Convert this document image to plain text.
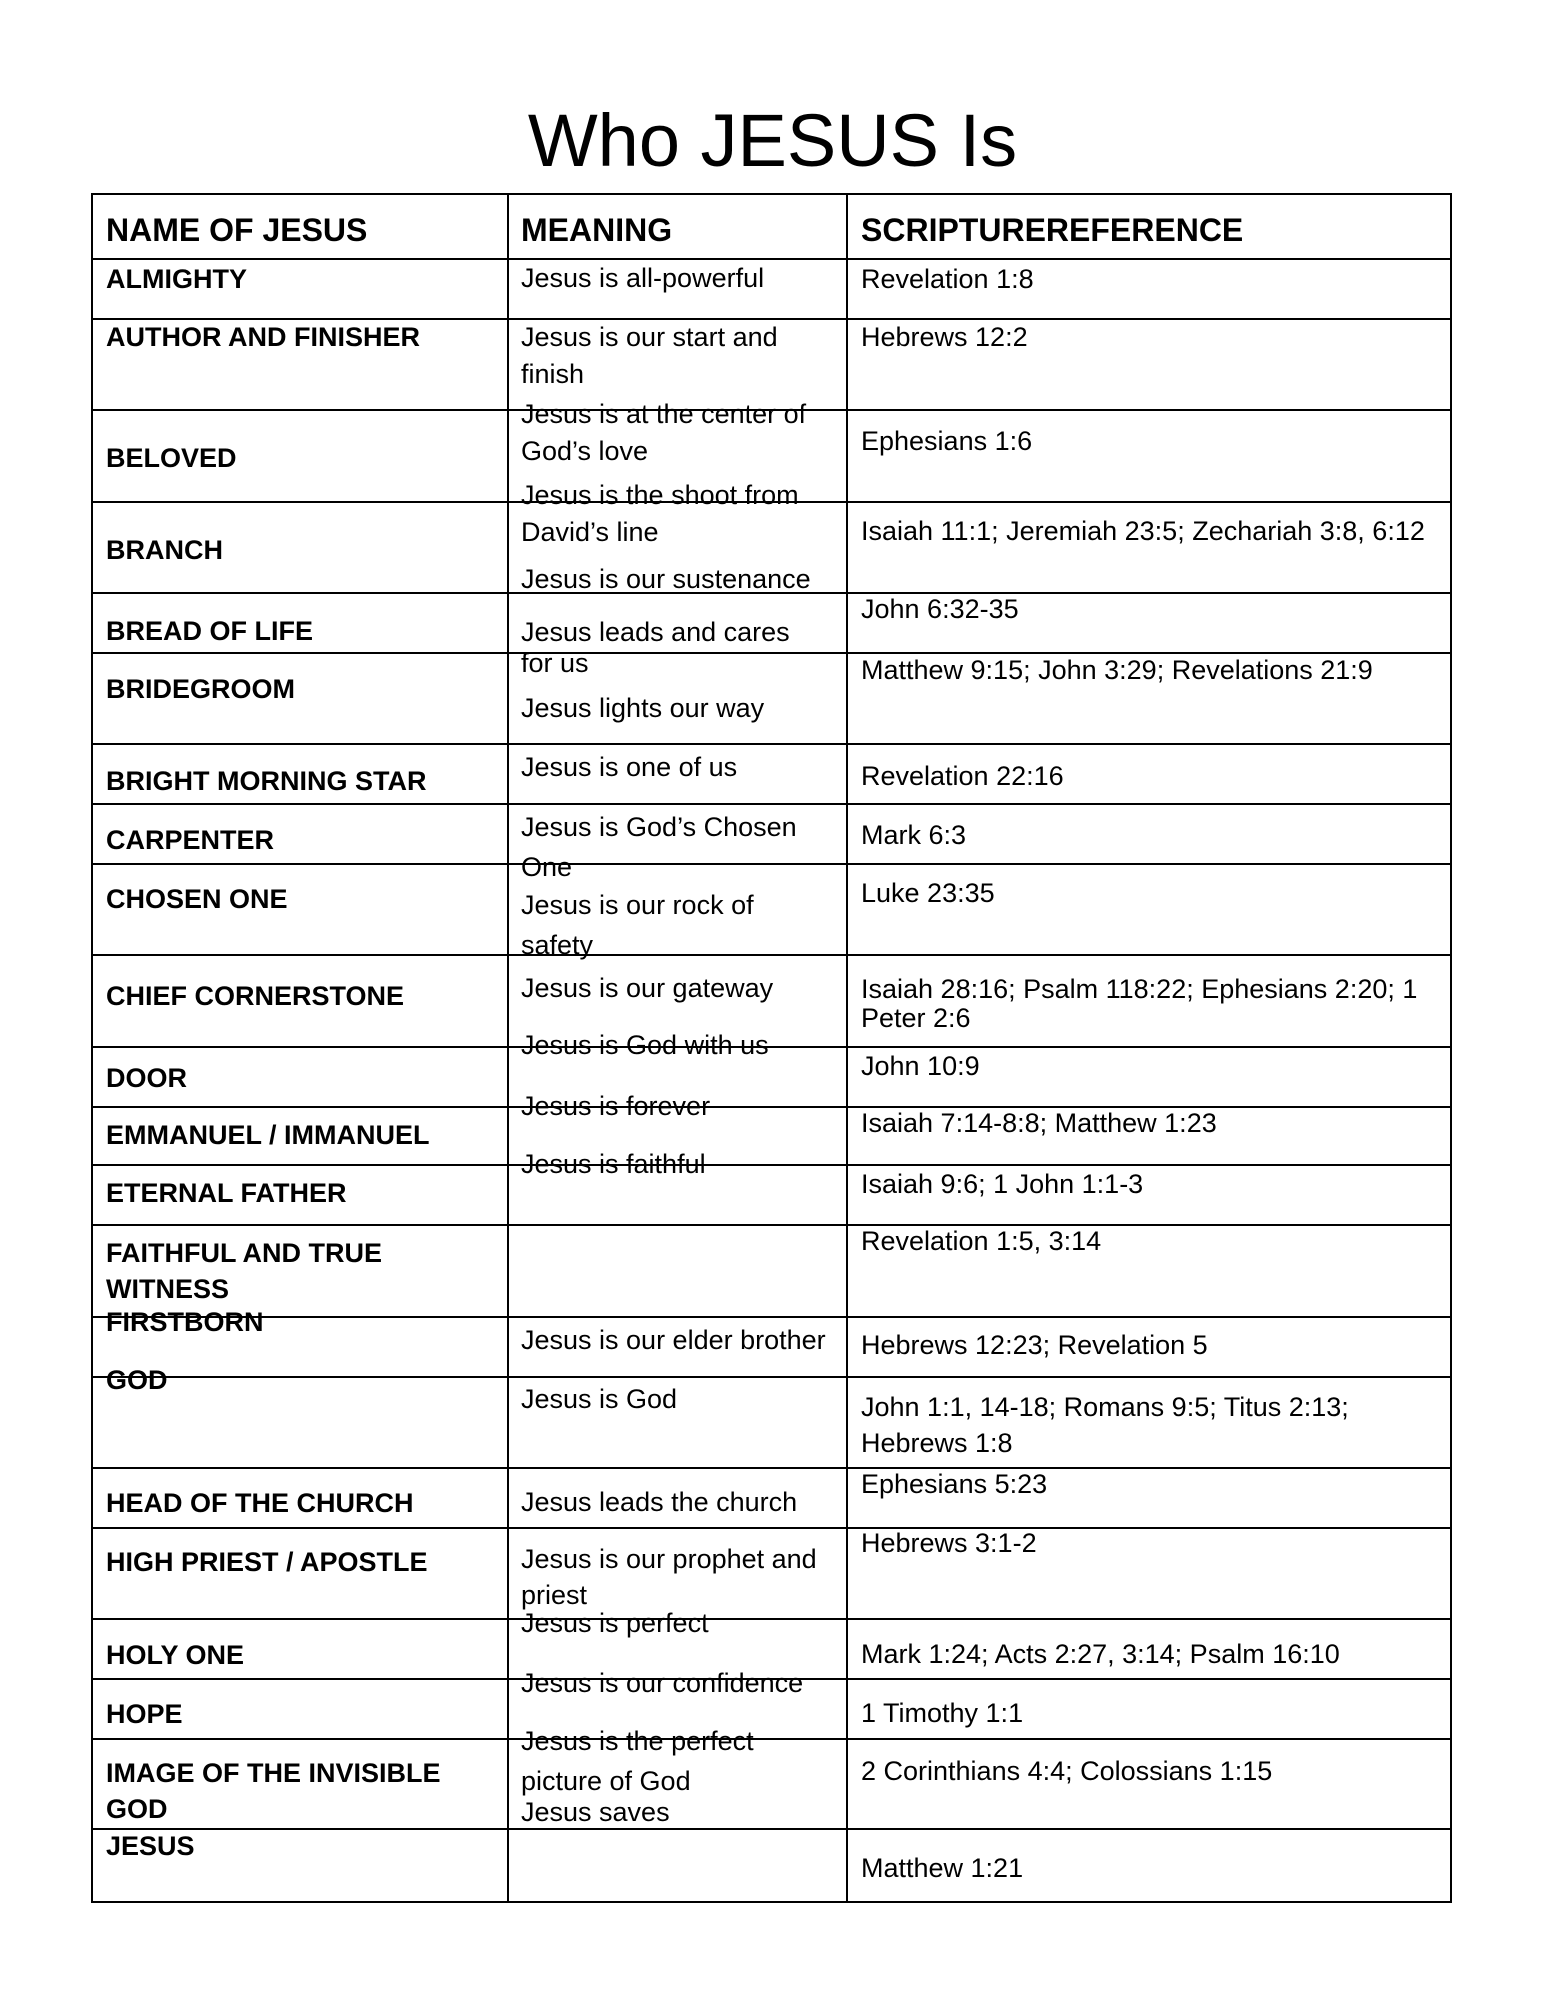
Who JESUS Is
NAME OF JESUS	MEANING	SCRIPTUREREFERENCE
ALMIGHTY
AUTHOR AND FINISHER
BELOVED
BRANCH
BREAD OF LIFE
BRIDEGROOM
BRIGHT MORNING STAR
CARPENTER
CHOSEN ONE
CHIEF CORNERSTONE
DOOR
EMMANUEL / IMMANUEL
ETERNAL FATHER
FAITHFUL AND TRUE
WITNESS
FIRSTBORN
GOD
HEAD OF THE CHURCH
HIGH PRIEST / APOSTLE
HOLY ONE
HOPE
IMAGE OF THE INVISIBLE
GOD
JESUS
Jesus is all-powerful
Jesus is our start and finish
Jesus is at the center of God’s love
Jesus is the shoot from David’s line
Jesus is our sustenance
Jesus leads and cares for us
Jesus lights our way
Jesus is one of us
Jesus is God’s Chosen One
Jesus is our rock of safety
Jesus is our gateway
Jesus is God with us
Jesus is forever
Jesus is faithful
Jesus is our elder brother
Jesus is God
Jesus leads the church
Jesus is our prophet and priest
Jesus is perfect
Jesus is our confidence
Jesus is the perfect picture of God
Jesus saves
Revelation 1:8
Hebrews 12:2
Ephesians 1:6
Isaiah 11:1; Jeremiah 23:5; Zechariah 3:8, 6:12
John 6:32-35
Matthew 9:15; John 3:29; Revelations 21:9
Revelation 22:16
Mark 6:3
Luke 23:35
Isaiah 28:16; Psalm 118:22; Ephesians 2:20; 1 Peter 2:6
John 10:9
Isaiah 7:14-8:8; Matthew 1:23
Isaiah 9:6; 1 John 1:1-3
Revelation 1:5, 3:14
Hebrews 12:23; Revelation 5
John 1:1, 14-18; Romans 9:5; Titus 2:13; Hebrews 1:8
Ephesians 5:23
Hebrews 3:1-2
Mark 1:24; Acts 2:27, 3:14; Psalm 16:10
1 Timothy 1:1
2 Corinthians 4:4; Colossians 1:15
Matthew 1:21
